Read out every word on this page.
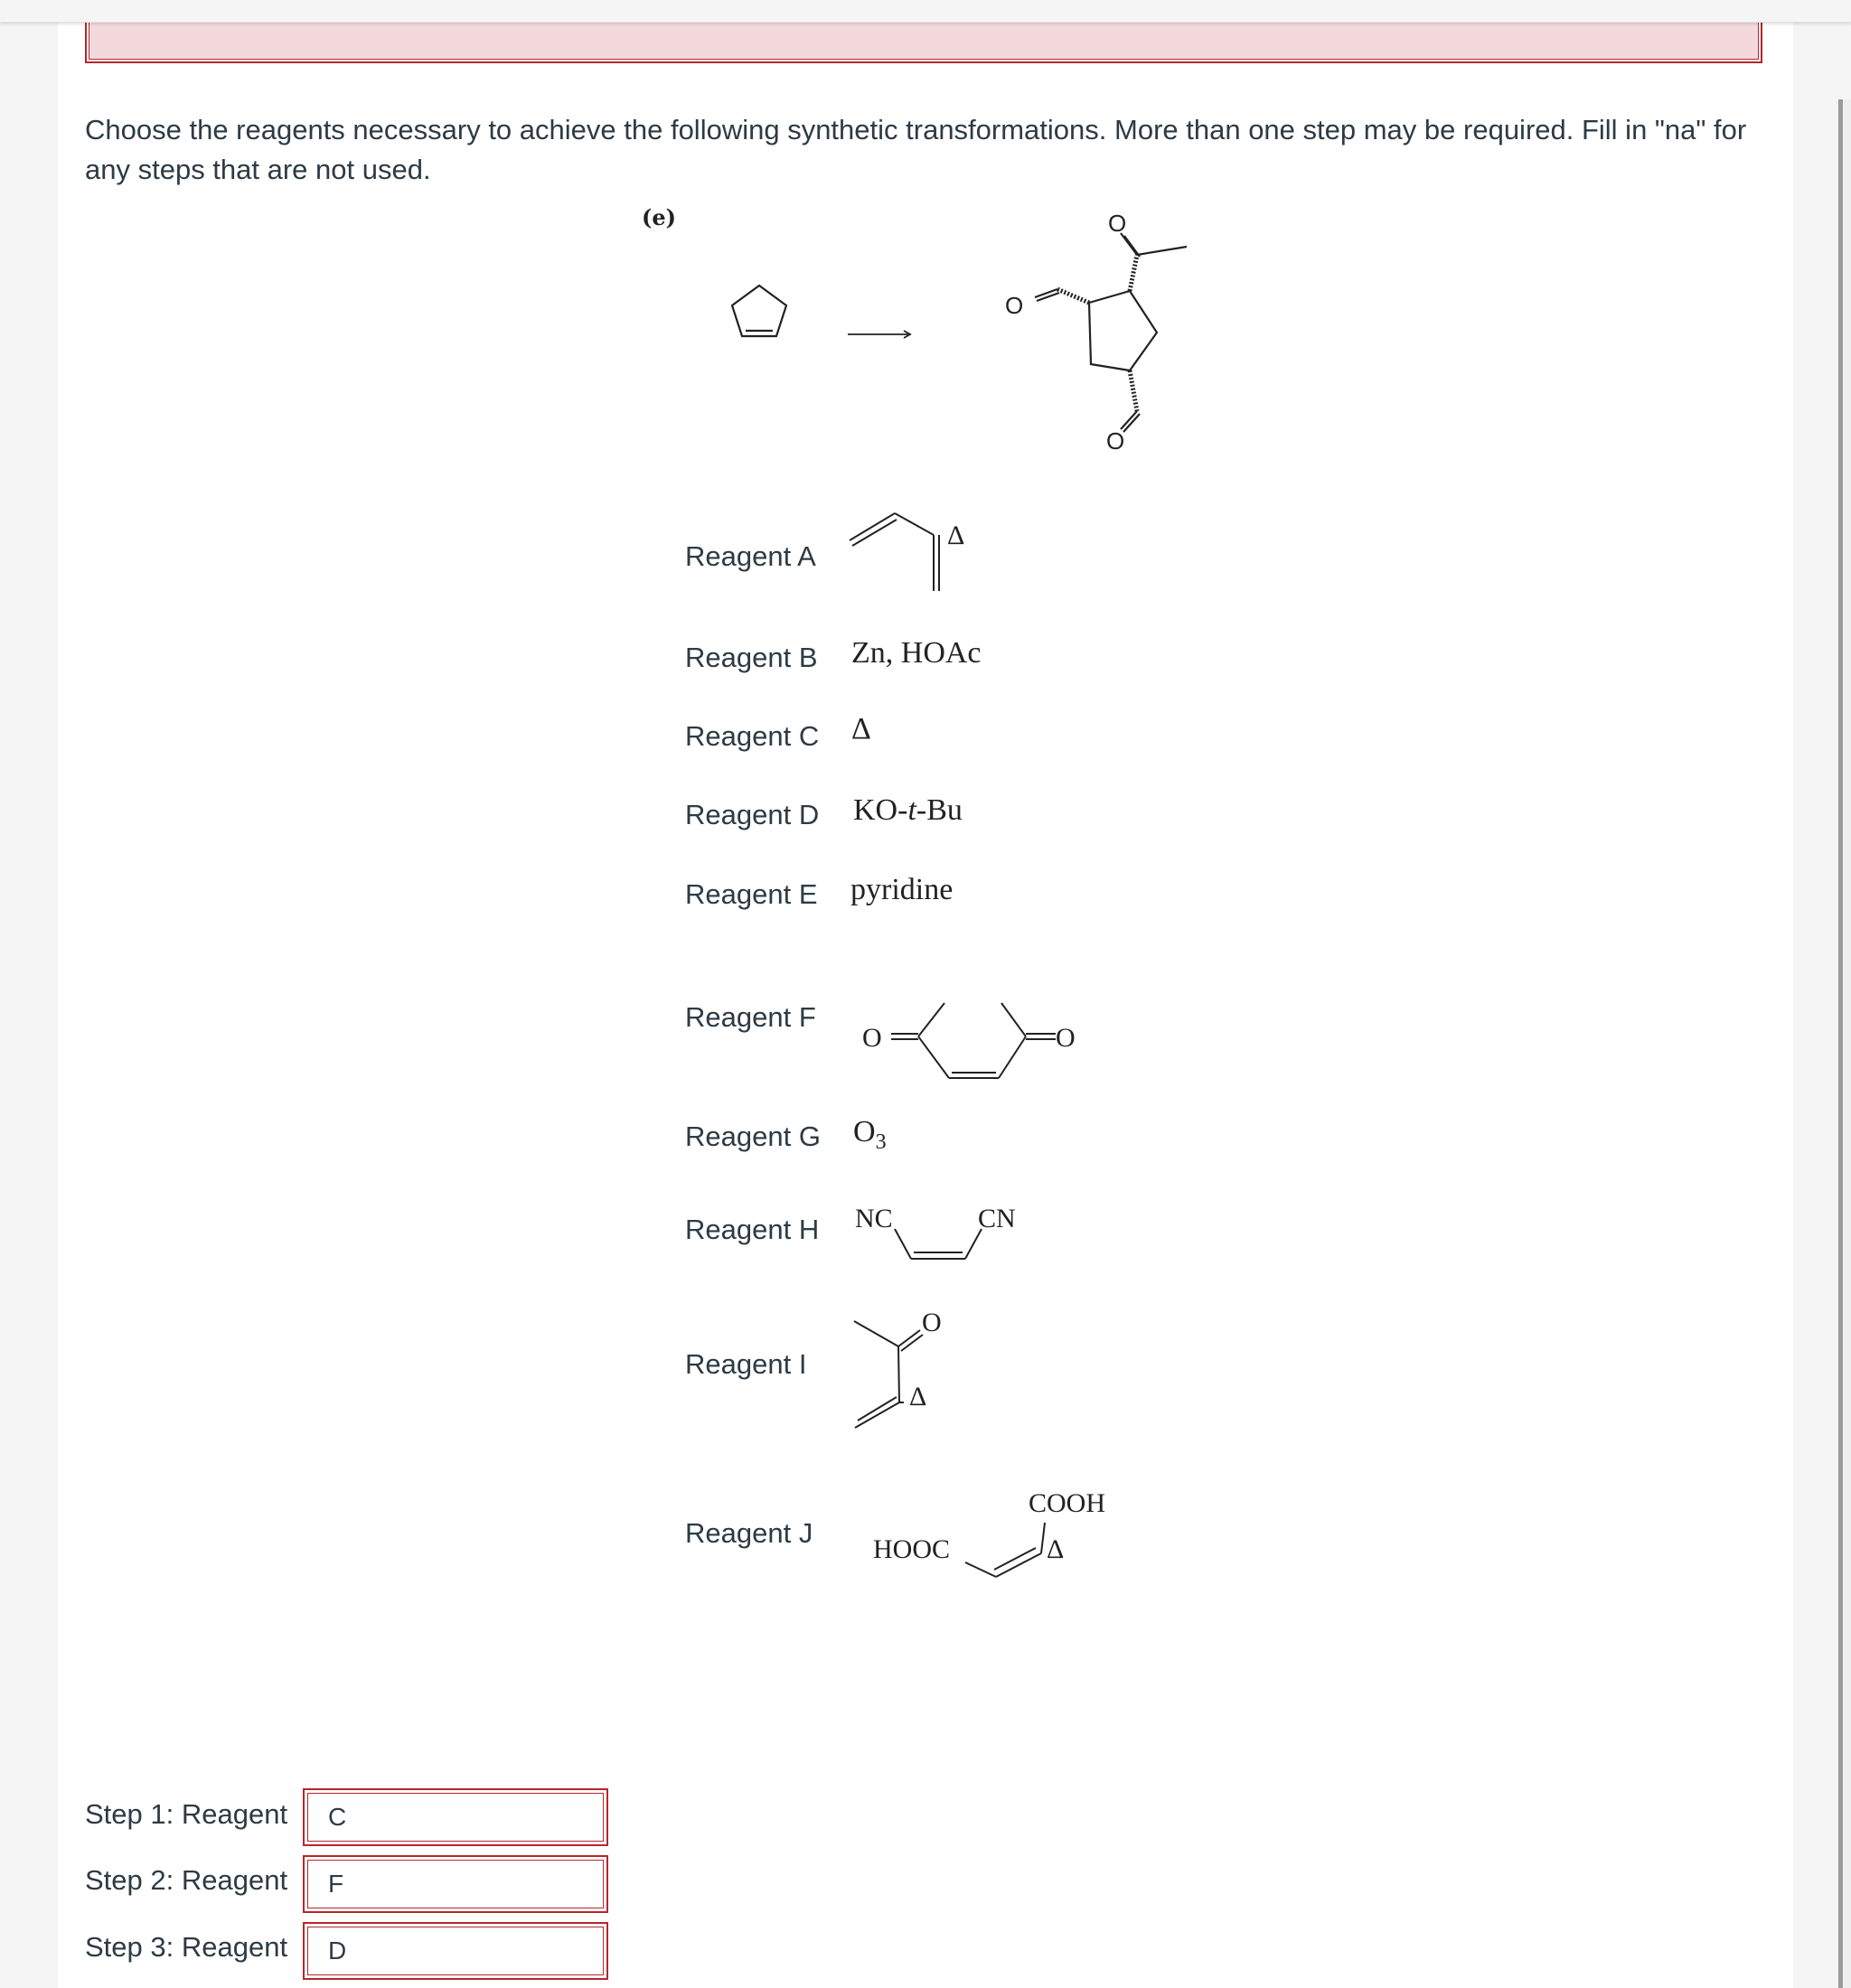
Choose the reagents necessary to achieve the following synthetic transformations. More than one step may be required. Fill in "na" for any steps that are not used.
(e)	O
O
O
Reagent A
Δ
Reagent B Zn, HOAc
Reagent C Δ
Reagent D KO-t-Bu
Reagent E pyridine
Reagent F
O	O
Reagent G $O_3$
Reagent H NC	CN
Reagent I
O
Δ
Reagent J
HOOC
COOH
Δ
Step 1: Reagent	C
Step 2: Reagent	F
Step 3: Reagent	D
